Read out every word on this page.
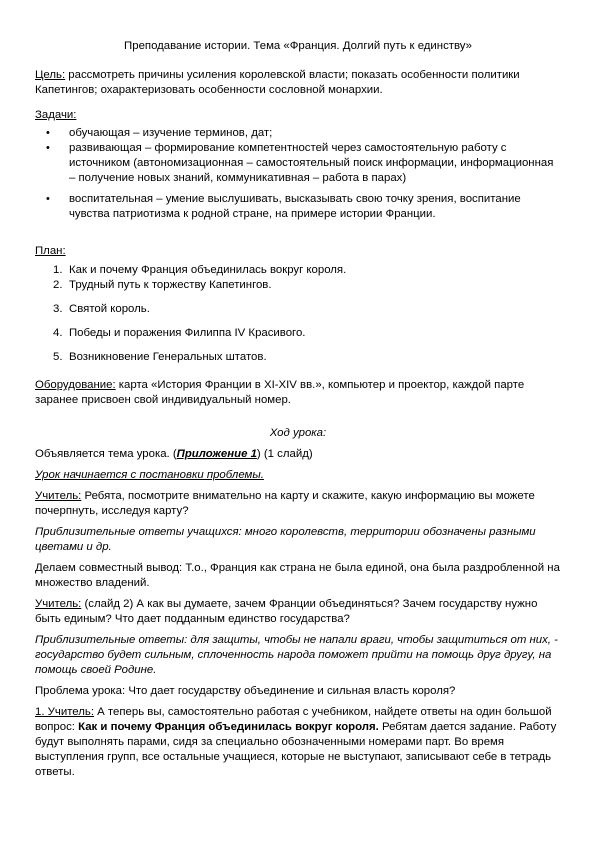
Преподавание истории. Тема «Франция. Долгий путь к единству»

Цель: рассмотреть причины усиления королевской власти; показать особенности политики Капетингов; охарактеризовать особенности сословной монархии.

Задачи:

• обучающая – изучение терминов, дат;
• развивающая – формирование компетентностей через самостоятельную работу с источником (автономизационная – самостоятельный поиск информации, информационная – получение новых знаний, коммуникативная – работа в парах)
• воспитательная – умение выслушивать, высказывать свою точку зрения, воспитание чувства патриотизма к родной стране, на примере истории Франции.

План:

1. Как и почему Франция объединилась вокруг короля.
2. Трудный путь к торжеству Капетингов.
3. Святой король.
4. Победы и поражения Филиппа IV Красивого.
5. Возникновение Генеральных штатов.

Оборудование: карта «История Франции в XI-XIV вв.», компьютер и проектор, каждой парте заранее присвоен свой индивидуальный номер.

Ход урока:

Объявляется тема урока. (Приложение 1) (1 слайд)

Урок начинается с постановки проблемы.

Учитель: Ребята, посмотрите внимательно на карту и скажите, какую информацию вы можете почерпнуть, исследуя карту?

Приблизительные ответы учащихся: много королевств, территории обозначены разными цветами и др.

Делаем совместный вывод: Т.о., Франция как страна не была единой, она была раздробленной на множество владений.

Учитель: (слайд 2) А как вы думаете, зачем Франции объединяться? Зачем государству нужно быть единым? Что дает подданным единство государства?

Приблизительные ответы: для защиты, чтобы не напали враги, чтобы защититься от них, - государство будет сильным, сплоченность народа поможет прийти на помощь друг другу, на помощь своей Родине.

Проблема урока: Что дает государству объединение и сильная власть короля?

1. Учитель: А теперь вы, самостоятельно работая с учебником, найдете ответы на один большой вопрос: Как и почему Франция объединилась вокруг короля. Ребятам дается задание. Работу будут выполнять парами, сидя за специально обозначенными номерами парт. Во время выступления групп, все остальные учащиеся, которые не выступают, записывают себе в тетрадь ответы.
